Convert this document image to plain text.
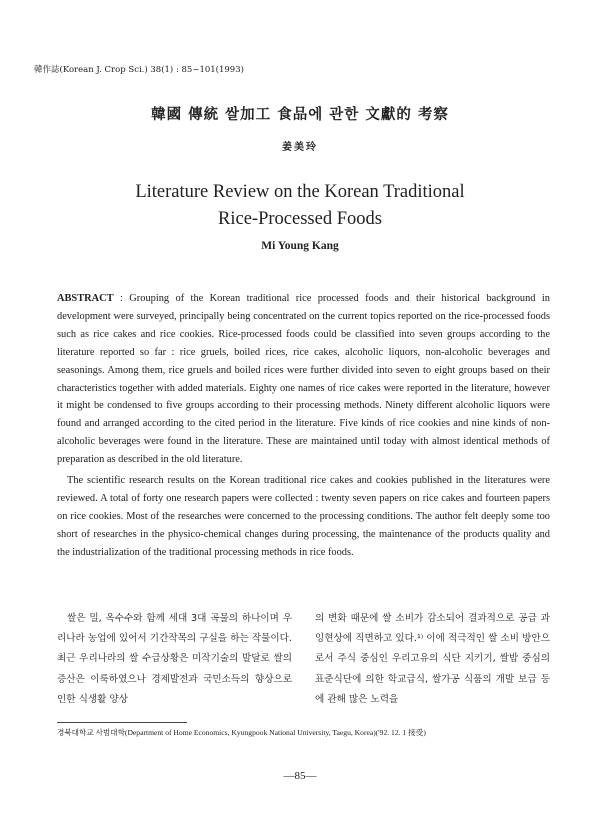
韓作誌(Korean J. Crop Sci.) 38(1) : 85~101(1993)
韓國 傳統 쌀加工 食品에 관한 文獻的 考察
姜美玲
Literature Review on the Korean Traditional
Rice-Processed Foods
Mi Young Kang

ABSTRACT : Grouping of the Korean traditional rice processed foods and their historical background in development were surveyed, principally being concentrated on the current topics reported on the rice-processed foods such as rice cakes and rice cookies. Rice-processed foods could be classified into seven groups according to the literature reported so far : rice gruels, boiled rices, rice cakes, alcoholic liquors, non-alcoholic beverages and seasonings. Among them, rice gruels and boiled rices were further divided into seven to eight groups based on their characteristics together with added materials. Eighty one names of rice cakes were reported in the literature, however it might be condensed to five groups according to their processing methods. Ninety different alcoholic liquors were found and arranged according to the cited period in the literature. Five kinds of rice cookies and nine kinds of non-alcoholic beverages were found in the literature. These are maintained until today with almost identical methods of preparation as described in the old literature.

The scientific research results on the Korean traditional rice cakes and cookies published in the literatures were reviewed. A total of forty one research papers were collected : twenty seven papers on rice cakes and fourteen papers on rice cookies. Most of the researches were concerned to the processing conditions. The author felt deeply some too short of researches in the physico-chemical changes during processing, the maintenance of the products quality and the industrialization of the traditional processing methods in rice foods.

쌀은 밀, 옥수수와 함께 세대 3대 곡물의 하나이며 우리나라 농업에 있어서 기간작목의 구실을 하는 작물이다. 최근 우리나라의 쌀 수급상황은 미작기술의 발달로 쌀의 증산은 이룩하였으나 경제발전과 국민소득의 향상으로 인한 식생활 양상

의 변화 때문에 쌀 소비가 감소되어 결과적으로 공급 과잉현상에 직면하고 있다.¹⁾ 이에 적극적인 쌀 소비 방안으로서 주식 중심인 우리고유의 식단 지키기, 쌀밥 중심의 표준식단에 의한 학교급식, 쌀가공 식품의 개발 보급 등에 관해 많은 노력을

경북대학교 사범대학(Department of Home Economics, Kyungpook National University, Taegu, Korea)('92. 12. 1 接受)
—85—
